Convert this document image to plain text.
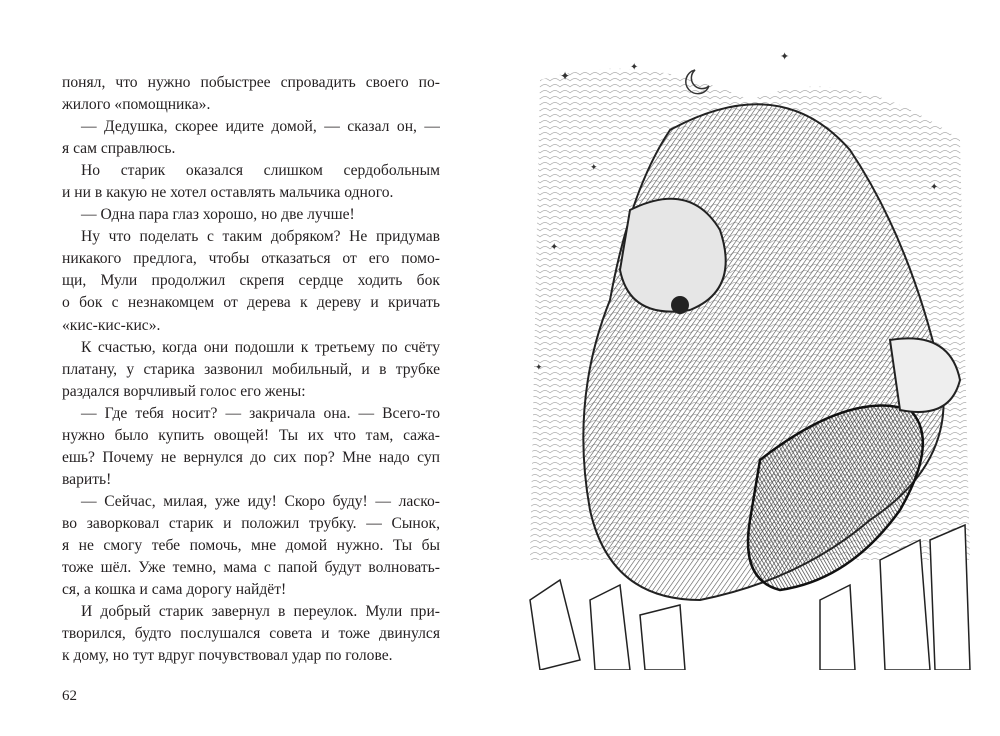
понял, что нужно побыстрее спровадить своего по-
жилого «помощника».
— Дедушка, скорее идите домой, — сказал он, —
я сам справлюсь.
Но старик оказался слишком сердобольным
и ни в какую не хотел оставлять мальчика одного.
— Одна пара глаз хорошо, но две лучше!
Ну что поделать с таким добряком? Не придумав
никакого предлога, чтобы отказаться от его помо-
щи, Мули продолжил скрепя сердце ходить бок
о бок с незнакомцем от дерева к дереву и кричать
«кис-кис-кис».
К счастью, когда они подошли к третьему по счёту
платану, у старика зазвонил мобильный, и в трубке
раздался ворчливый голос его жены:
— Где тебя носит? — закричала она. — Всего-то
нужно было купить овощей! Ты их что там, сажа-
ешь? Почему не вернулся до сих пор? Мне надо суп
варить!
— Сейчас, милая, уже иду! Скоро буду! — ласко-
во заворковал старик и положил трубку. — Сынок,
я не смогу тебе помочь, мне домой нужно. Ты бы
тоже шёл. Уже темно, мама с папой будут волновать-
ся, а кошка и сама дорогу найдёт!
И добрый старик завернул в переулок. Мули при-
творился, будто послушался совета и тоже двинулся
к дому, но тут вдруг почувствовал удар по голове.
62
✦
✦
✦
✦
✦
✦
✦
